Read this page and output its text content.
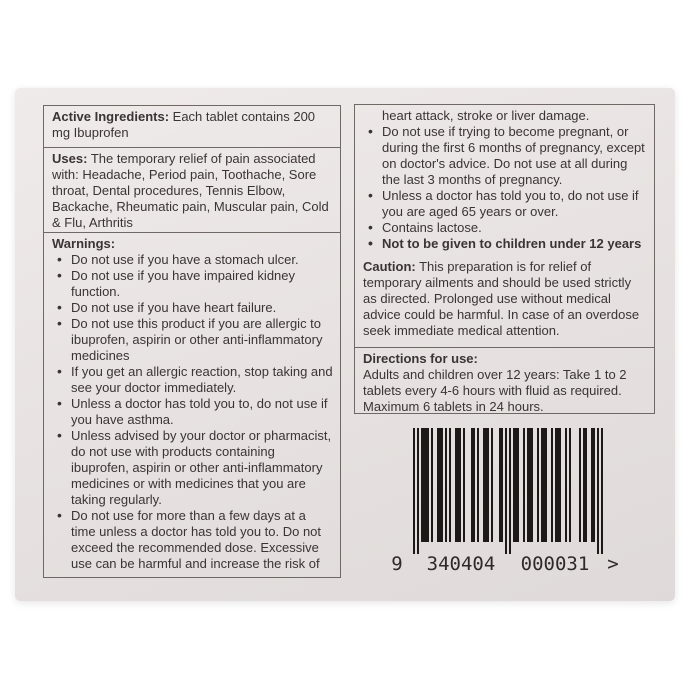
Active Ingredients: Each tablet contains 200 mg Ibuprofen

Uses: The temporary relief of pain associated with: Headache, Period pain, Toothache, Sore throat, Dental procedures, Tennis Elbow, Backache, Rheumatic pain, Muscular pain, Cold & Flu, Arthritis

Warnings:

• Do not use if you have a stomach ulcer.
• Do not use if you have impaired kidney function.
• Do not use if you have heart failure.
• Do not use this product if you are allergic to ibuprofen, aspirin or other anti-inflammatory medicines
• If you get an allergic reaction, stop taking and see your doctor immediately.
• Unless a doctor has told you to, do not use if you have asthma.
• Unless advised by your doctor or pharmacist, do not use with products containing ibuprofen, aspirin or other anti-inflammatory medicines or with medicines that you are taking regularly.
• Do not use for more than a few days at a time unless a doctor has told you to. Do not exceed the recommended dose. Excessive use can be harmful and increase the risk of

heart attack, stroke or liver damage.

• Do not use if trying to become pregnant, or during the first 6 months of pregnancy, except on doctor's advice. Do not use at all during the last 3 months of pregnancy.
• Unless a doctor has told you to, do not use if you are aged 65 years or over.
• Contains lactose.
• Not to be given to children under 12 years

Caution: This preparation is for relief of temporary ailments and should be used strictly as directed. Prolonged use without medical advice could be harmful. In case of an overdose seek immediate medical attention.

Directions for use:

Adults and children over 12 years: Take 1 to 2 tablets every 4-6 hours with fluid as required. Maximum 6 tablets in 24 hours.

9 340404 000031 >
